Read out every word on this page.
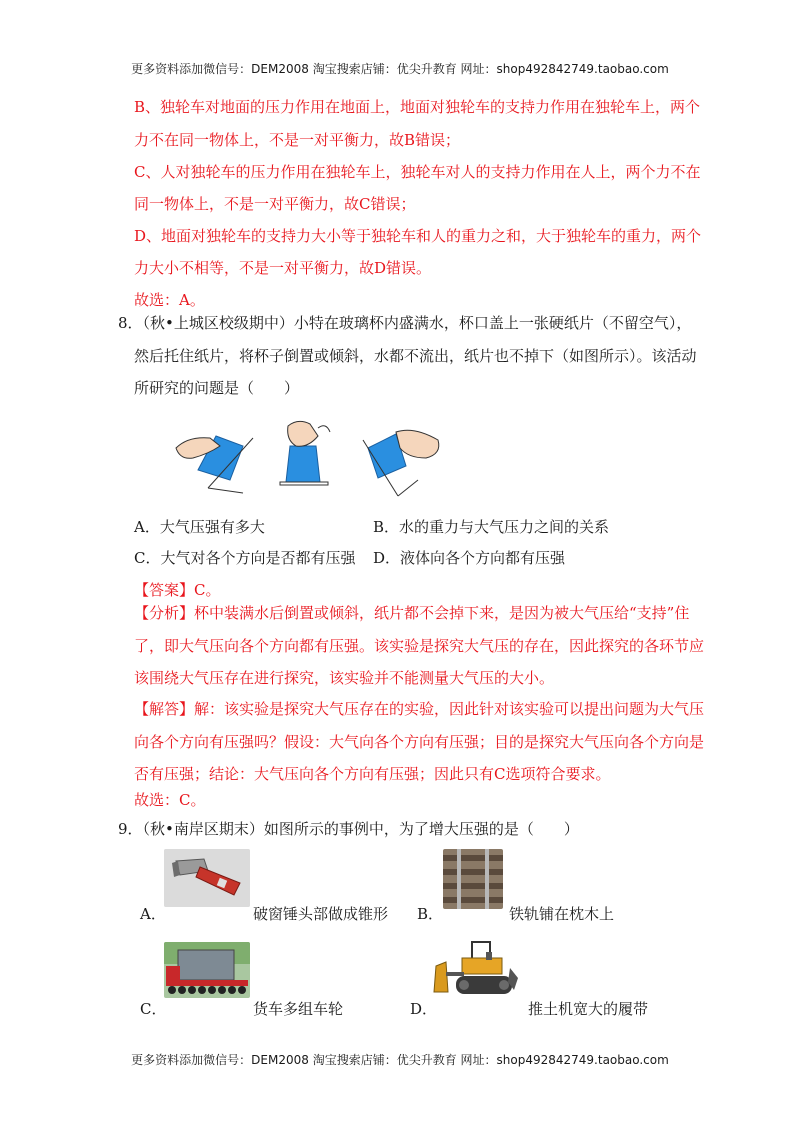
更多资料添加微信号：DEM2008 淘宝搜索店铺：优尖升教育 网址：shop492842749.taobao.com
B、独轮车对地面的压力作用在地面上，地面对独轮车的支持力作用在独轮车上，两个
力不在同一物体上，不是一对平衡力，故B错误；
C、人对独轮车的压力作用在独轮车上，独轮车对人的支持力作用在人上，两个力不在
同一物体上，不是一对平衡力，故C错误；
D、地面对独轮车的支持力大小等于独轮车和人的重力之和，大于独轮车的重力，两个
力大小不相等，不是一对平衡力，故D错误。
故选：A。
8．（秋•上城区校级期中）小特在玻璃杯内盛满水，杯口盖上一张硬纸片（不留空气），
然后托住纸片，将杯子倒置或倾斜，水都不流出，纸片也不掉下（如图所示）。该活动
所研究的问题是（　　）
A．大气压强有多大	B．水的重力与大气压力之间的关系
C．大气对各个方向是否都有压强 D．液体向各个方向都有压强
【答案】C。
【分析】杯中装满水后倒置或倾斜，纸片都不会掉下来，是因为被大气压给“支持”住
了，即大气压向各个方向都有压强。该实验是探究大气压的存在，因此探究的各环节应
该围绕大气压存在进行探究，该实验并不能测量大气压的大小。
【解答】解：该实验是探究大气压存在的实验，因此针对该实验可以提出问题为大气压
向各个方向有压强吗？假设：大气向各个方向有压强；目的是探究大气压向各个方向是
否有压强；结论：大气压向各个方向有压强；因此只有C选项符合要求。
故选：C。
9．（秋•南岸区期末）如图所示的事例中，为了增大压强的是（　　）
A．	破窗锤头部做成锥形 B．	铁轨铺在枕木上
C．	货车多组车轮	D．	推土机宽大的履带
更多资料添加微信号：DEM2008 淘宝搜索店铺：优尖升教育 网址：shop492842749.taobao.com
